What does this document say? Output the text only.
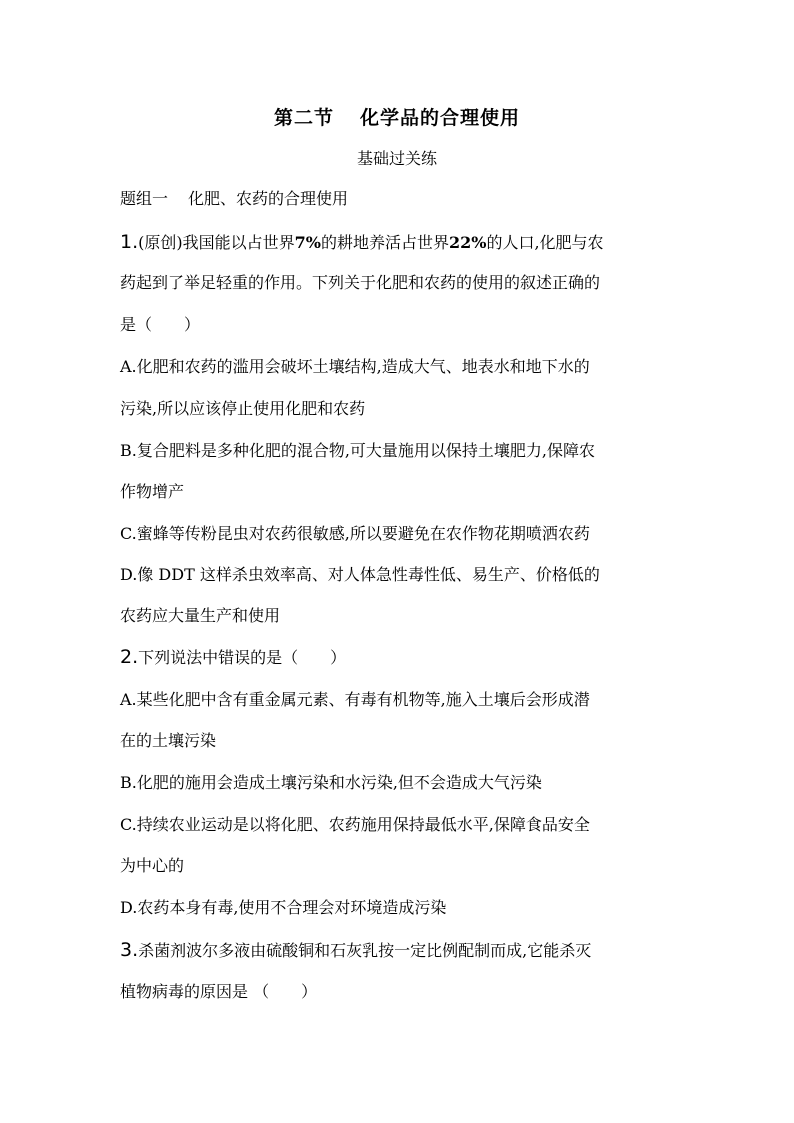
第二节 化学品的合理使用
基础过关练
题组一 化肥、农药的合理使用
1.(原创)我国能以占世界7%的耕地养活占世界22%的人口,化肥与农
药起到了举足轻重的作用。下列关于化肥和农药的使用的叙述正确的
是（　　）
A.化肥和农药的滥用会破坏土壤结构,造成大气、地表水和地下水的
污染,所以应该停止使用化肥和农药
B.复合肥料是多种化肥的混合物,可大量施用以保持土壤肥力,保障农
作物增产
C.蜜蜂等传粉昆虫对农药很敏感,所以要避免在农作物花期喷洒农药
D.像 DDT 这样杀虫效率高、对人体急性毒性低、易生产、价格低的
农药应大量生产和使用
2.下列说法中错误的是（　　）
A.某些化肥中含有重金属元素、有毒有机物等,施入土壤后会形成潜
在的土壤污染
B.化肥的施用会造成土壤污染和水污染,但不会造成大气污染
C.持续农业运动是以将化肥、农药施用保持最低水平,保障食品安全
为中心的
D.农药本身有毒,使用不合理会对环境造成污染
3.杀菌剂波尔多液由硫酸铜和石灰乳按一定比例配制而成,它能杀灭
植物病毒的原因是 （　　）
